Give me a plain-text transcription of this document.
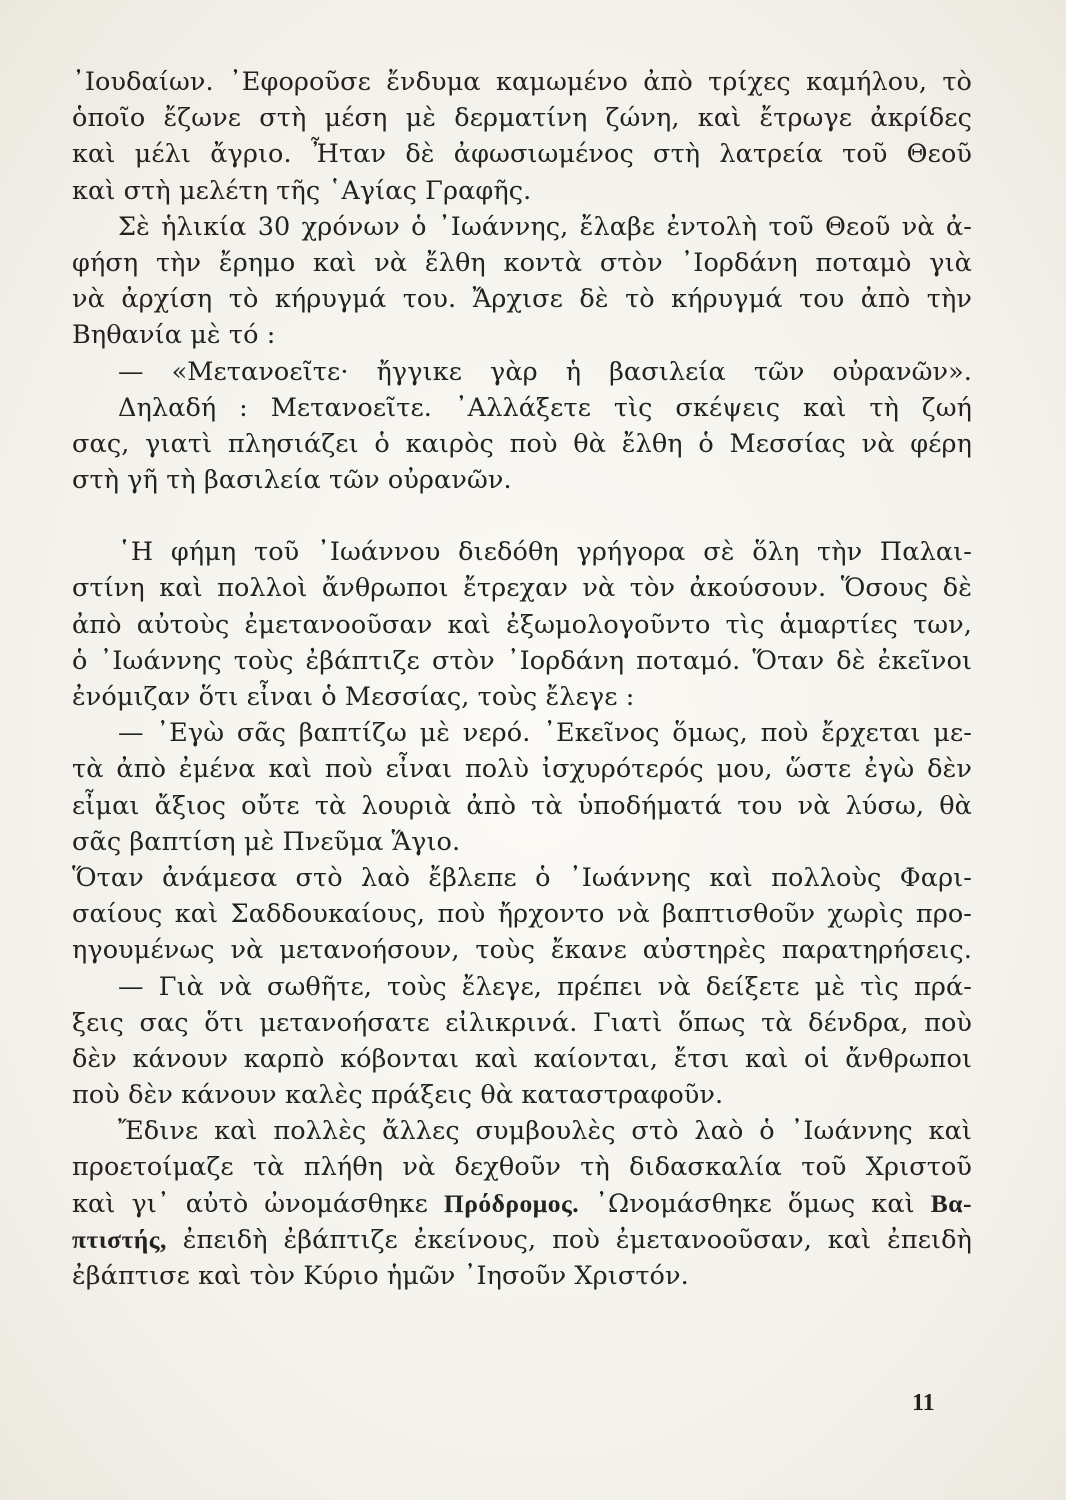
᾿Ιουδαίων. ᾿Εφοροῦσε ἔνδυμα καμωμένο ἀπὸ τρίχες καμήλου, τὸ
ὁποῖο ἔζωνε στὴ μέση μὲ δερματίνη ζώνη, καὶ ἔτρωγε ἀκρίδες
καὶ μέλι ἄγριο. Ἦταν δὲ ἀφωσιωμένος στὴ λατρεία τοῦ Θεοῦ
καὶ στὴ μελέτη τῆς ῾Αγίας Γραφῆς.
Σὲ ἡλικία 30 χρόνων ὁ ᾿Ιωάννης, ἔλαβε ἐντολὴ τοῦ Θεοῦ νὰ ἀ-
φήση τὴν ἔρημο καὶ νὰ ἔλθη κοντὰ στὸν ᾿Ιορδάνη ποταμὸ γιὰ
νὰ ἀρχίση τὸ κήρυγμά του. Ἄρχισε δὲ τὸ κήρυγμά του ἀπὸ τὴν
Βηθανία μὲ τό :
— «Μετανοεῖτε· ἤγγικε γὰρ ἡ βασιλεία τῶν οὐρανῶν».
Δηλαδή : Μετανοεῖτε. ᾿Αλλάξετε τὶς σκέψεις καὶ τὴ ζωή
σας, γιατὶ πλησιάζει ὁ καιρὸς ποὺ θὰ ἔλθη ὁ Μεσσίας νὰ φέρη
στὴ γῆ τὴ βασιλεία τῶν οὐρανῶν.
῾Η φήμη τοῦ ᾿Ιωάννου διεδόθη γρήγορα σὲ ὅλη τὴν Παλαι-
στίνη καὶ πολλοὶ ἄνθρωποι ἔτρεχαν νὰ τὸν ἀκούσουν. Ὅσους δὲ
ἀπὸ αὐτοὺς ἐμετανοοῦσαν καὶ ἐξωμολογοῦντο τὶς ἁμαρτίες των,
ὁ ᾿Ιωάννης τοὺς ἐβάπτιζε στὸν ᾿Ιορδάνη ποταμό. Ὅταν δὲ ἐκεῖνοι
ἐνόμιζαν ὅτι εἶναι ὁ Μεσσίας, τοὺς ἔλεγε :
— ᾿Εγὼ σᾶς βαπτίζω μὲ νερό. ᾿Εκεῖνος ὅμως, ποὺ ἔρχεται με-
τὰ ἀπὸ ἐμένα καὶ ποὺ εἶναι πολὺ ἰσχυρότερός μου, ὥστε ἐγὼ δὲν
εἶμαι ἄξιος οὔτε τὰ λουριὰ ἀπὸ τὰ ὑποδήματά του νὰ λύσω, θὰ
σᾶς βαπτίση μὲ Πνεῦμα Ἅγιο.
Ὅταν ἀνάμεσα στὸ λαὸ ἔβλεπε ὁ ᾿Ιωάννης καὶ πολλοὺς Φαρι-
σαίους καὶ Σαδδουκαίους, ποὺ ἤρχοντο νὰ βαπτισθοῦν χωρὶς προ-
ηγουμένως νὰ μετανοήσουν, τοὺς ἔκανε αὐστηρὲς παρατηρήσεις.
— Γιὰ νὰ σωθῆτε, τοὺς ἔλεγε, πρέπει νὰ δείξετε μὲ τὶς πρά-
ξεις σας ὅτι μετανοήσατε εἰλικρινά. Γιατὶ ὅπως τὰ δένδρα, ποὺ
δὲν κάνουν καρπὸ κόβονται καὶ καίονται, ἔτσι καὶ οἱ ἄνθρωποι
ποὺ δὲν κάνουν καλὲς πράξεις θὰ καταστραφοῦν.
Ἔδινε καὶ πολλὲς ἄλλες συμβουλὲς στὸ λαὸ ὁ ᾿Ιωάννης καὶ
προετοίμαζε τὰ πλήθη νὰ δεχθοῦν τὴ διδασκαλία τοῦ Χριστοῦ
καὶ γι᾿ αὐτὸ ὠνομάσθηκε Πρόδρομος. ᾿Ωνομάσθηκε ὅμως καὶ Βα-
πτιστής, ἐπειδὴ ἐβάπτιζε ἐκείνους, ποὺ ἐμετανοοῦσαν, καὶ ἐπειδὴ
ἐβάπτισε καὶ τὸν Κύριο ἡμῶν ᾿Ιησοῦν Χριστόν.
11
